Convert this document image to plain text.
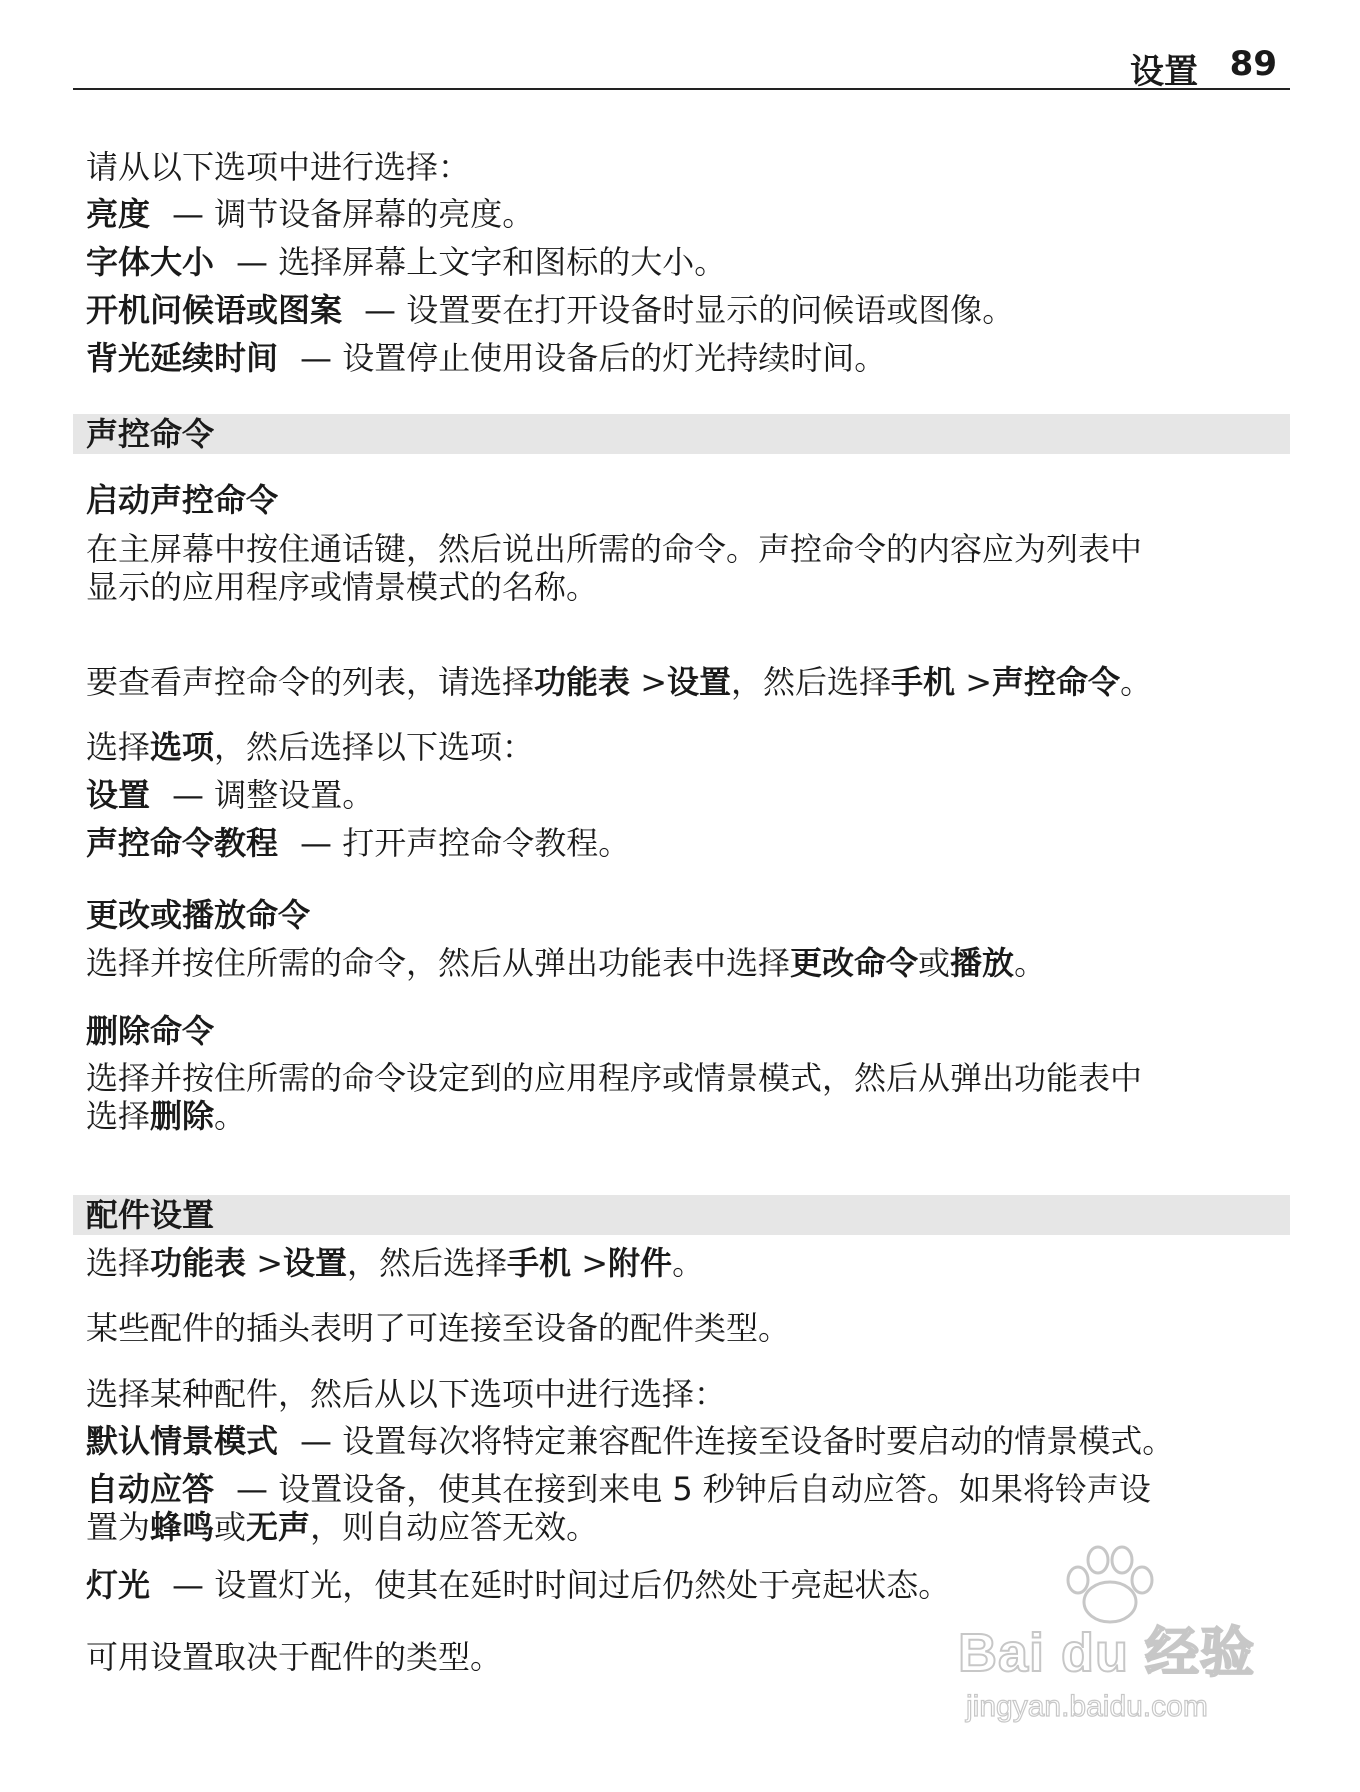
设置 89
请从以下选项中进行选择：
亮度 — 调节设备屏幕的亮度。
字体大小 — 选择屏幕上文字和图标的大小。
开机问候语或图案 — 设置要在打开设备时显示的问候语或图像。
背光延续时间 — 设置停止使用设备后的灯光持续时间。
声控命令
启动声控命令
在主屏幕中按住通话键，然后说出所需的命令。声控命令的内容应为列表中
显示的应用程序或情景模式的名称。
要查看声控命令的列表，请选择功能表 >设置，然后选择手机 >声控命令。
选择选项，然后选择以下选项：
设置 — 调整设置。
声控命令教程 — 打开声控命令教程。
更改或播放命令
选择并按住所需的命令，然后从弹出功能表中选择更改命令或播放。
删除命令
选择并按住所需的命令设定到的应用程序或情景模式，然后从弹出功能表中
选择删除。
配件设置
选择功能表 >设置，然后选择手机 >附件。
某些配件的插头表明了可连接至设备的配件类型。
选择某种配件，然后从以下选项中进行选择：
默认情景模式 — 设置每次将特定兼容配件连接至设备时要启动的情景模式。
自动应答 — 设置设备，使其在接到来电 5 秒钟后自动应答。如果将铃声设
置为蜂鸣或无声，则自动应答无效。
灯光 — 设置灯光，使其在延时时间过后仍然处于亮起状态。
可用设置取决于配件的类型。	Bai du 经验
jingyan.baidu.com
